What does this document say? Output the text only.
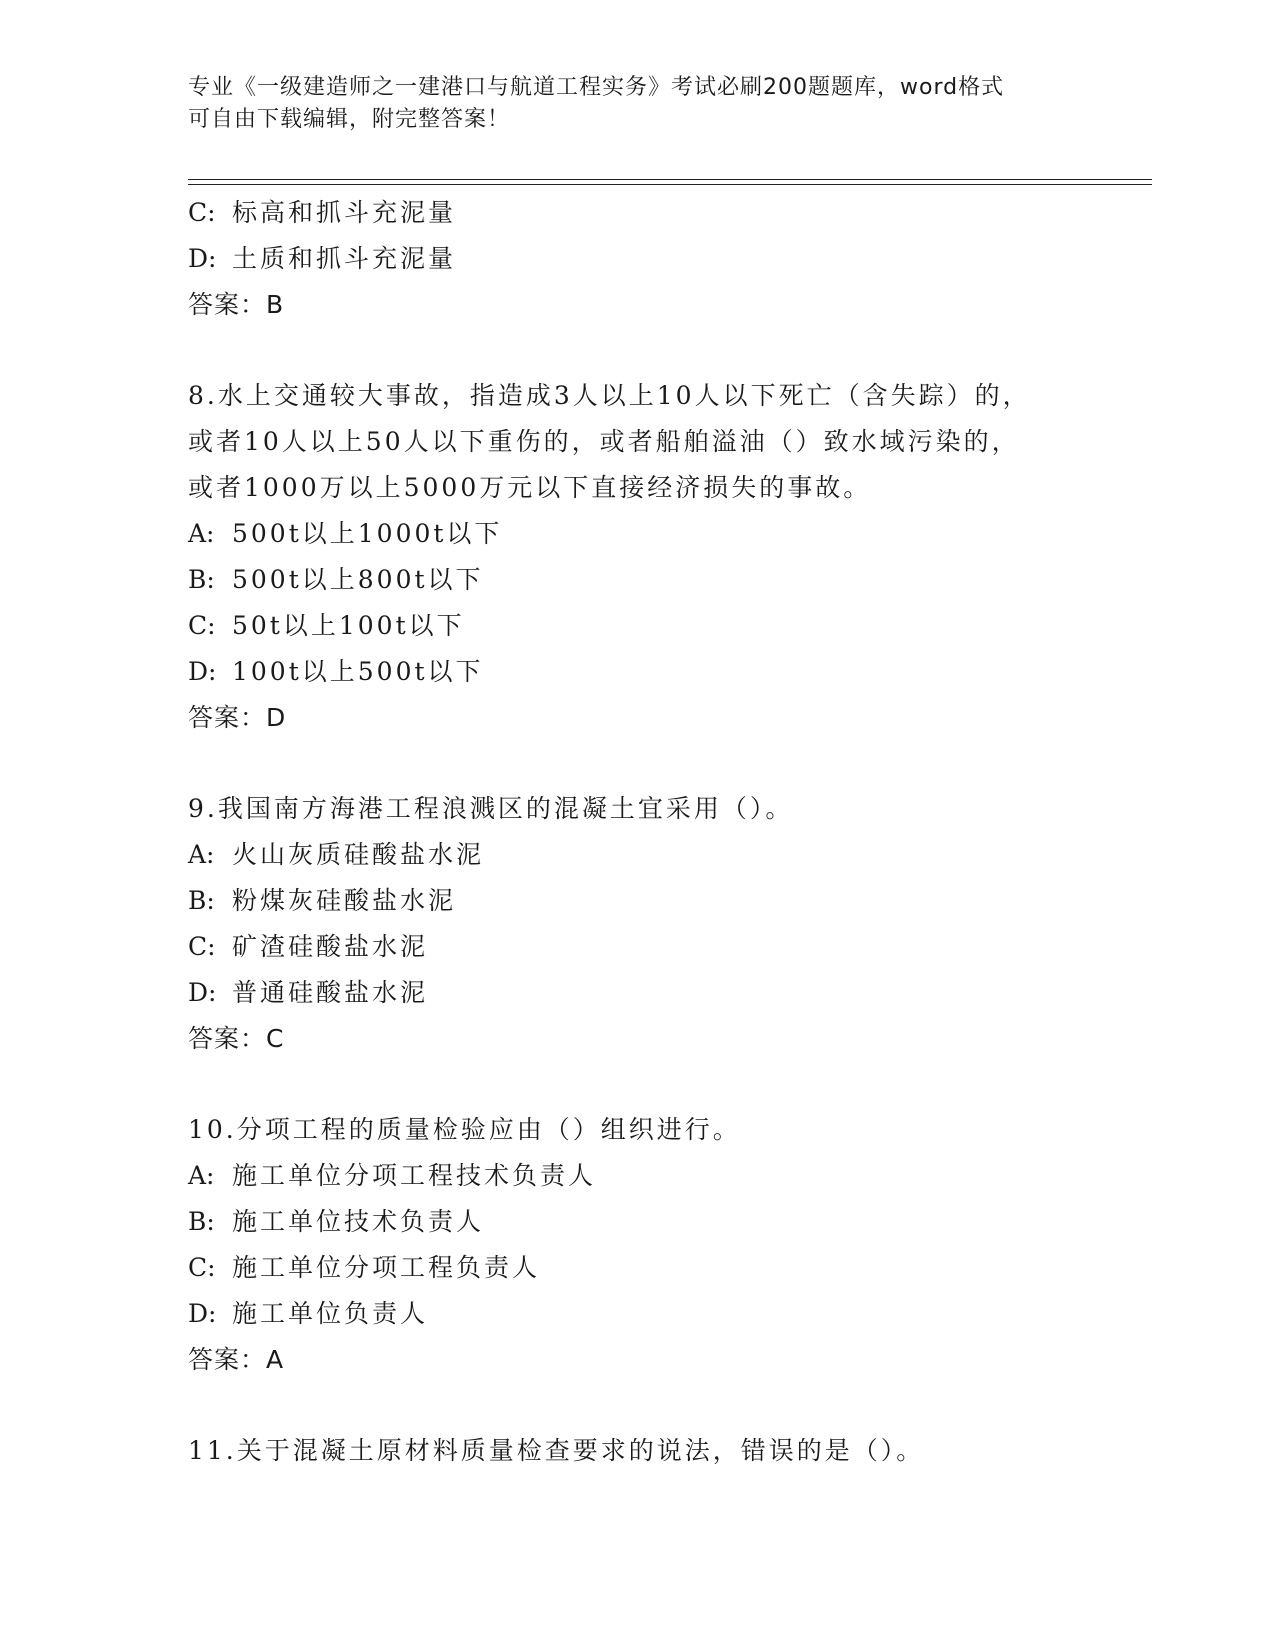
专业《一级建造师之一建港口与航道工程实务》考试必刷200题题库，word格式
可自由下载编辑，附完整答案！
C: 标高和抓斗充泥量
D: 土质和抓斗充泥量
答案：B
8.水上交通较大事故，指造成3人以上10人以下死亡（含失踪）的，
或者10人以上50人以下重伤的，或者船舶溢油（）致水域污染的，
或者1000万以上5000万元以下直接经济损失的事故。
A: 500t以上1000t以下
B: 500t以上800t以下
C: 50t以上100t以下
D: 100t以上500t以下
答案：D
9.我国南方海港工程浪溅区的混凝土宜采用（）。
A: 火山灰质硅酸盐水泥
B: 粉煤灰硅酸盐水泥
C: 矿渣硅酸盐水泥
D: 普通硅酸盐水泥
答案：C
10.分项工程的质量检验应由（）组织进行。
A: 施工单位分项工程技术负责人
B: 施工单位技术负责人
C: 施工单位分项工程负责人
D: 施工单位负责人
答案：A
11.关于混凝土原材料质量检查要求的说法，错误的是（）。
